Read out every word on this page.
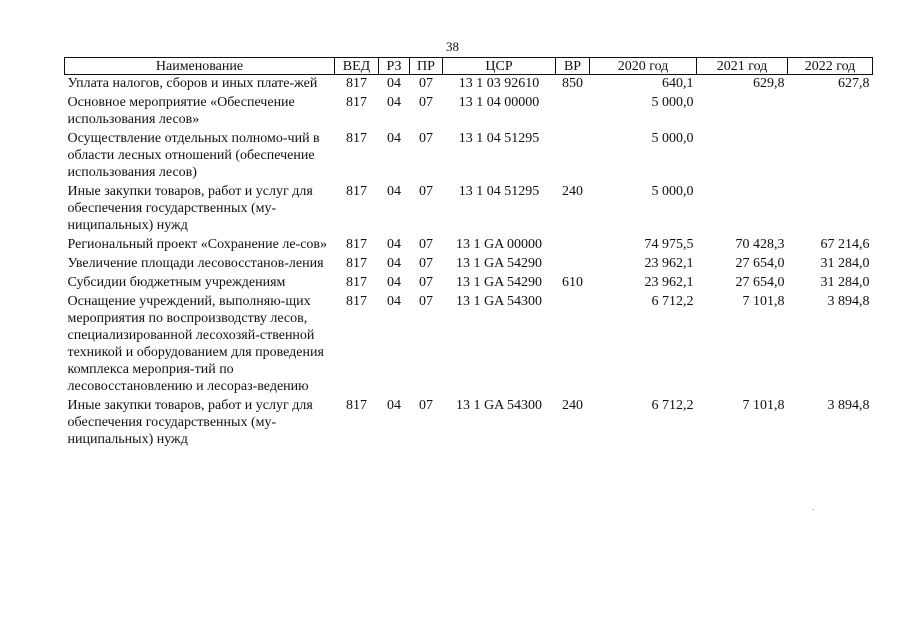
38
Наименование	ВЕД	РЗ	ПР	ЦСР	ВР	2020 год	2021 год	2022 год
Уплата налогов, сборов и иных плате-жей	817	04	07	13 1 03 92610	850	640,1	629,8	627,8
Основное мероприятие «Обеспечение использования лесов»	817	04	07	13 1 04 00000		5 000,0		
Осуществление отдельных полномо-чий в области лесных отношений (обеспечение использования лесов)	817	04	07	13 1 04 51295		5 000,0		
Иные закупки товаров, работ и услуг для обеспечения государственных (му-ниципальных) нужд	817	04	07	13 1 04 51295	240	5 000,0		
Региональный проект «Сохранение ле-сов»	817	04	07	13 1 GA 00000		74 975,5	70 428,3	67 214,6
Увеличение площади лесовосстанов-ления	817	04	07	13 1 GA 54290		23 962,1	27 654,0	31 284,0
Субсидии бюджетным учреждениям	817	04	07	13 1 GA 54290	610	23 962,1	27 654,0	31 284,0
Оснащение учреждений, выполняю-щих мероприятия по воспроизводству лесов, специализированной лесохозяй-ственной техникой и оборудованием для проведения комплекса мероприя-тий по лесовосстановлению и лесораз-ведению	817	04	07	13 1 GA 54300		6 712,2	7 101,8	3 894,8
Иные закупки товаров, работ и услуг для обеспечения государственных (му-ниципальных) нужд	817	04	07	13 1 GA 54300	240	6 712,2	7 101,8	3 894,8
